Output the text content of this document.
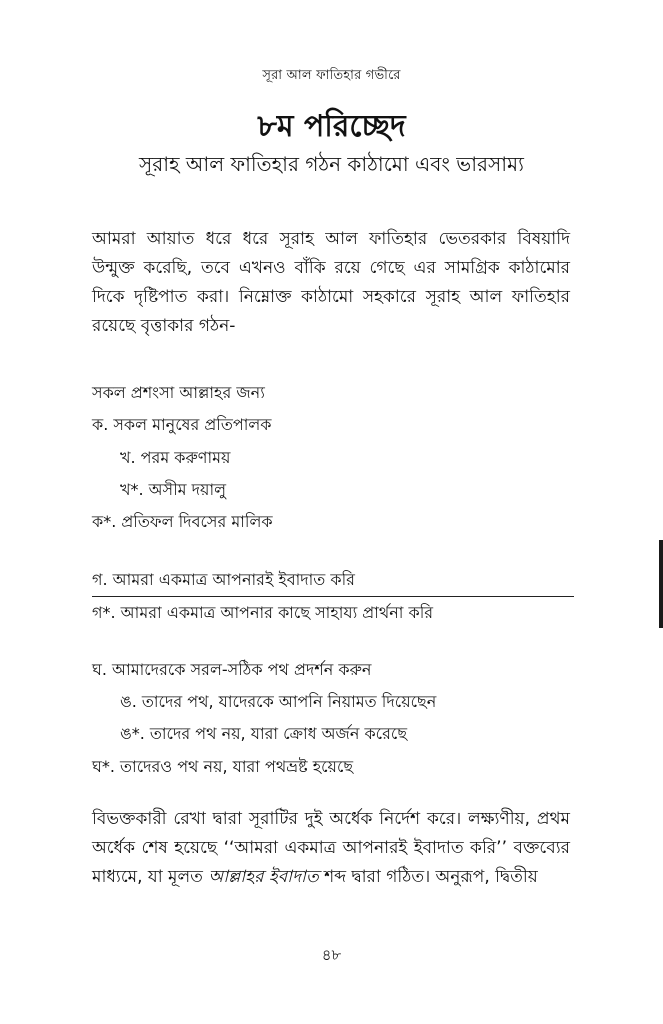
সূরা আল ফাতিহার গভীরে
৮ম পরিচ্ছেদ
সূরাহ আল ফাতিহার গঠন কাঠামো এবং ভারসাম্য

আমরা আয়াত ধরে ধরে সূরাহ আল ফাতিহার ভেতরকার বিষয়াদি উন্মুক্ত করেছি, তবে এখনও বাঁকি রয়ে গেছে এর সামগ্রিক কাঠামোর দিকে দৃষ্টিপাত করা। নিম্নোক্ত কাঠামো সহকারে সূরাহ আল ফাতিহার রয়েছে বৃত্তাকার গঠন-

সকল প্রশংসা আল্লাহর জন্য
ক. সকল মানুষের প্রতিপালক
খ. পরম করুণাময়
খ*. অসীম দয়ালু
ক*. প্রতিফল দিবসের মালিক
গ. আমরা একমাত্র আপনারই ইবাদাত করি
গ*. আমরা একমাত্র আপনার কাছে সাহায্য প্রার্থনা করি
ঘ. আমাদেরকে সরল-সঠিক পথ প্রদর্শন করুন
ঙ. তাদের পথ, যাদেরকে আপনি নিয়ামত দিয়েছেন
ঙ*. তাদের পথ নয়, যারা ক্রোধ অর্জন করেছে
ঘ*. তাদেরও পথ নয়, যারা পথভ্রষ্ট হয়েছে

বিভক্তকারী রেখা দ্বারা সূরাটির দুই অর্ধেক নির্দেশ করে। লক্ষ্যণীয়, প্রথম অর্ধেক শেষ হয়েছে ‘‘আমরা একমাত্র আপনারই ইবাদাত করি’’ বক্তব্যের মাধ্যমে, যা মূলত আল্লাহর ইবাদাত শব্দ দ্বারা গঠিত। অনুরূপ, দ্বিতীয়

৪৮
